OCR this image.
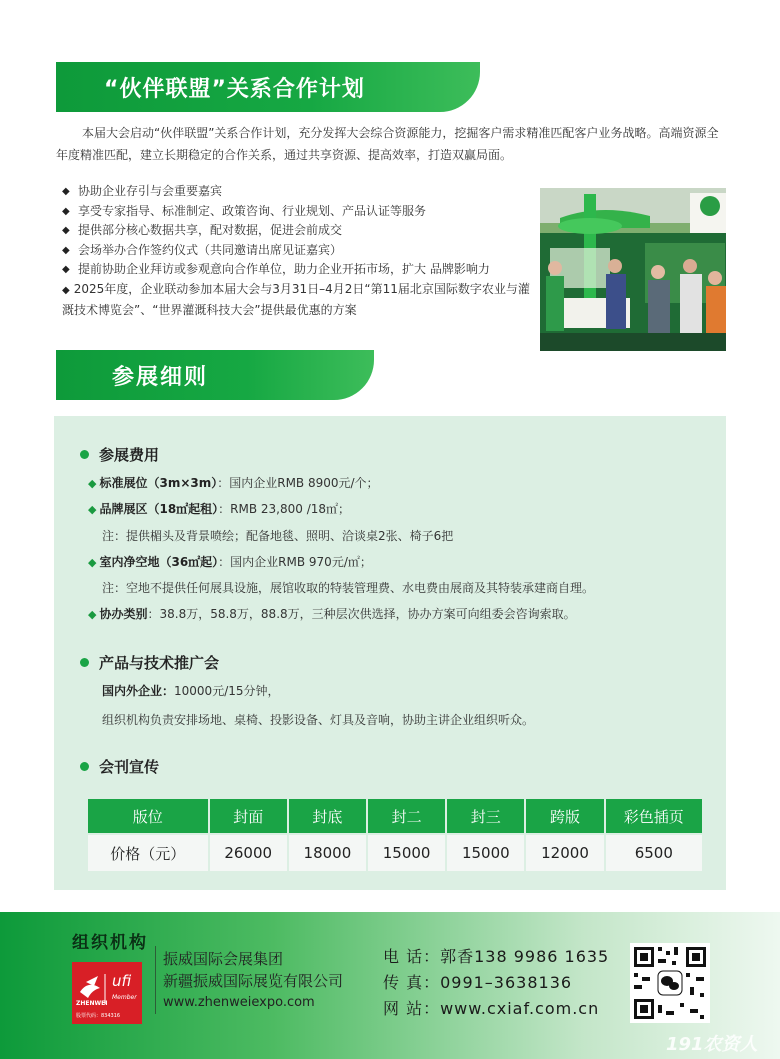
“伙伴联盟”关系合作计划
本届大会启动“伙伴联盟”关系合作计划，充分发挥大会综合资源能力，挖掘客户需求精准匹配客户业务战略。高端资源全年度精准匹配，建立长期稳定的合作关系，通过共享资源、提高效率，打造双赢局面。
◆ 协助企业存引与会重要嘉宾
◆ 享受专家指导、标准制定、政策咨询、行业规划、产品认证等服务
◆ 提供部分核心数据共享，配对数据，促进会前成交
◆ 会场举办合作签约仪式（共同邀请出席见证嘉宾）
◆ 提前协助企业拜访或参观意向合作单位，助力企业开拓市场，扩大 品牌影响力
◆ 2025年度，企业联动参加本届大会与3月31日–4月2日“第11届北京国际数字农业与灌溉技术博览会”、“世界灌溉科技大会”提供最优惠的方案
参展细则
参展费用
◆ 标准展位（3m×3m）：国内企业RMB 8900元/个；
◆ 品牌展区（18㎡起租）：RMB 23,800 /18㎡；
注：提供楣头及背景喷绘；配备地毯、照明、洽谈桌2张、椅子6把
◆ 室内净空地（36㎡起）：国内企业RMB 970元/㎡；
注：空地不提供任何展具设施，展馆收取的特装管理费、水电费由展商及其特装承建商自理。
◆ 协办类别：38.8万，58.8万，88.8万，三种层次供选择，协办方案可向组委会咨询索取。
产品与技术推广会
国内外企业：10000元/15分钟，
组织机构负责安排场地、桌椅、投影设备、灯具及音响，协助主讲企业组织听众。
会刊宣传
版位	封面	封底	封二	封三	跨版	彩色插页
价格（元）	26000	18000	15000	15000	12000	6500
组织机构
ufi
ZHENWEI
Member
股票代码：834316
振威国际会展集团
新疆振威国际展览有限公司
www.zhenweiexpo.com
电 话：郭香138 9986 1635
传 真：0991–3638136
网 站：www.cxiaf.com.cn
191农资人
